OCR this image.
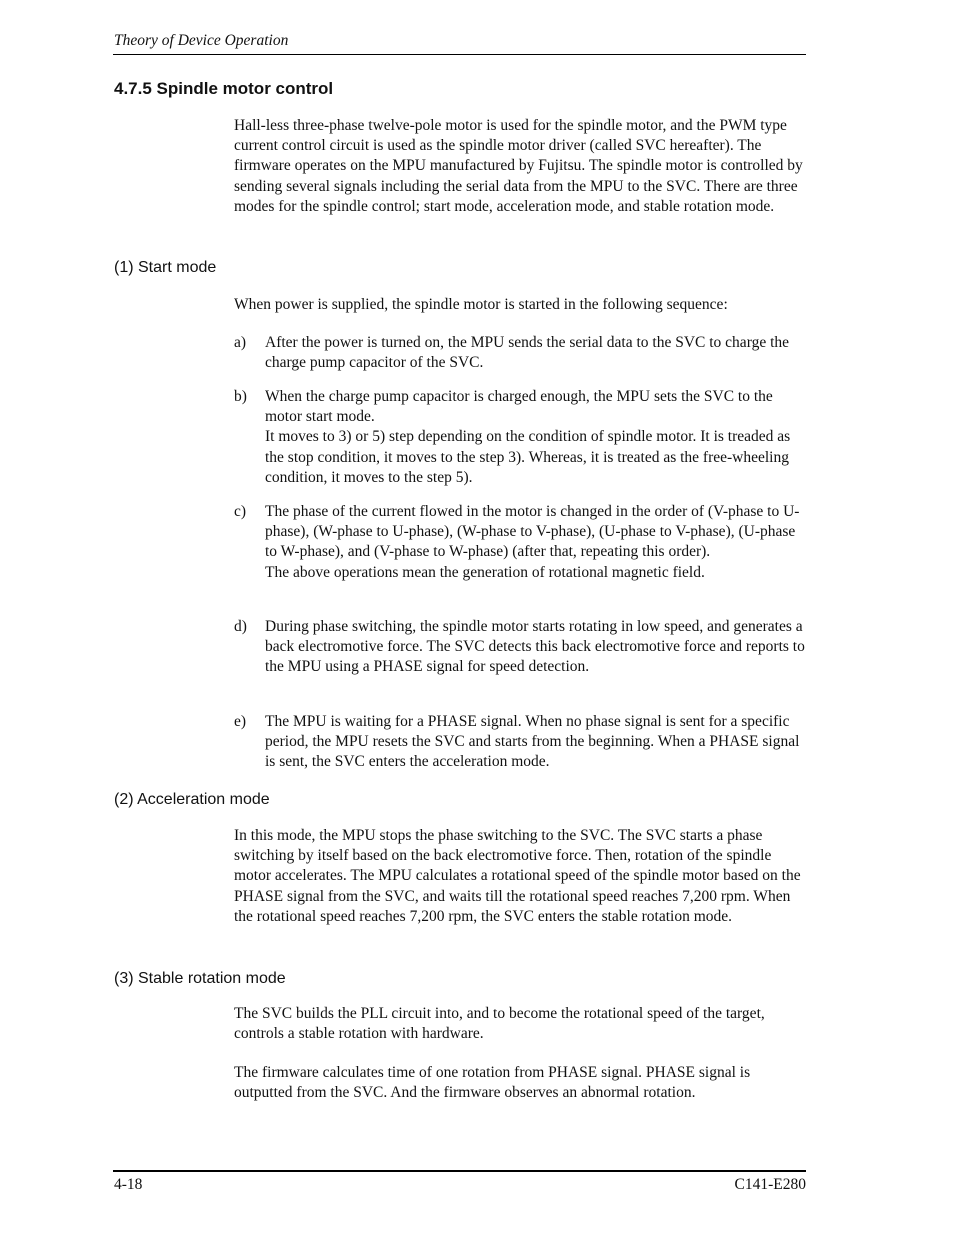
Theory of Device Operation
4.7.5 Spindle motor control

Hall-less three-phase twelve-pole motor is used for the spindle motor, and the PWM type current control circuit is used as the spindle motor driver (called SVC hereafter). The firmware operates on the MPU manufactured by Fujitsu. The spindle motor is controlled by sending several signals including the serial data from the MPU to the SVC. There are three modes for the spindle control; start mode, acceleration mode, and stable rotation mode.

(1) Start mode

When power is supplied, the spindle motor is started in the following sequence:

a) After the power is turned on, the MPU sends the serial data to the SVC to charge the charge pump capacitor of the SVC.

b) When the charge pump capacitor is charged enough, the MPU sets the SVC to the motor start mode.

It moves to 3) or 5) step depending on the condition of spindle motor. It is treaded as the stop condition, it moves to the step 3). Whereas, it is treated as the free-wheeling condition, it moves to the step 5).

c) The phase of the current flowed in the motor is changed in the order of (V-phase to U-phase), (W-phase to U-phase), (W-phase to V-phase), (U-phase to V-phase), (U-phase to W-phase), and (V-phase to W-phase) (after that, repeating this order).

The above operations mean the generation of rotational magnetic field.

d) During phase switching, the spindle motor starts rotating in low speed, and generates a back electromotive force. The SVC detects this back electromotive force and reports to the MPU using a PHASE signal for speed detection.

e) The MPU is waiting for a PHASE signal. When no phase signal is sent for a specific period, the MPU resets the SVC and starts from the beginning. When a PHASE signal is sent, the SVC enters the acceleration mode.

(2) Acceleration mode

In this mode, the MPU stops the phase switching to the SVC. The SVC starts a phase switching by itself based on the back electromotive force. Then, rotation of the spindle motor accelerates. The MPU calculates a rotational speed of the spindle motor based on the PHASE signal from the SVC, and waits till the rotational speed reaches 7,200 rpm. When the rotational speed reaches 7,200 rpm, the SVC enters the stable rotation mode.

(3) Stable rotation mode

The SVC builds the PLL circuit into, and to become the rotational speed of the target, controls a stable rotation with hardware.

The firmware calculates time of one rotation from PHASE signal. PHASE signal is outputted from the SVC. And the firmware observes an abnormal rotation.

4-18	C141-E280
